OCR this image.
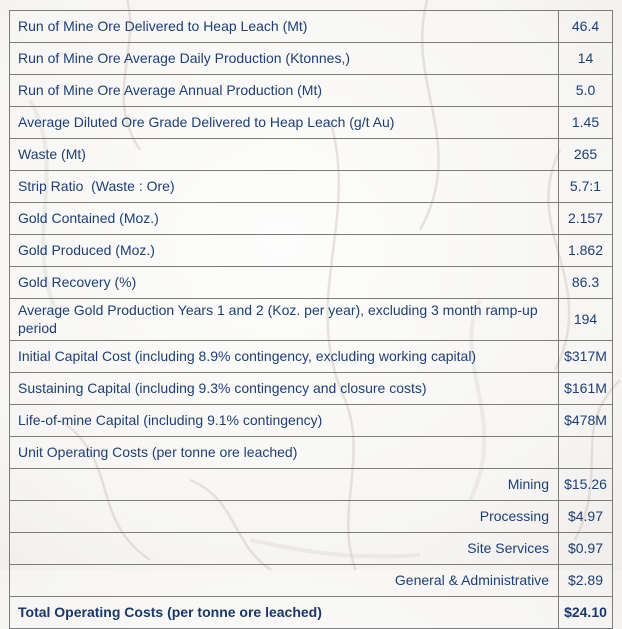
Run of Mine Ore Delivered to Heap Leach (Mt)	46.4
Run of Mine Ore Average Daily Production (Ktonnes,)	14
Run of Mine Ore Average Annual Production (Mt)	5.0
Average Diluted Ore Grade Delivered to Heap Leach (g/t Au)	1.45
Waste (Mt)	265
Strip Ratio  (Waste : Ore)	5.7:1
Gold Contained (Moz.)	2.157
Gold Produced (Moz.)	1.862
Gold Recovery (%)	86.3
Average Gold Production Years 1 and 2 (Koz. per year), excluding 3 month ramp-up period	194
Initial Capital Cost (including 8.9% contingency, excluding working capital)	$317M
Sustaining Capital (including 9.3% contingency and closure costs)	$161M
Life-of-mine Capital (including 9.1% contingency)	$478M
Unit Operating Costs (per tonne ore leached)	
Mining	$15.26
Processing	$4.97
Site Services	$0.97
General & Administrative	$2.89
Total Operating Costs (per tonne ore leached)	$24.10
